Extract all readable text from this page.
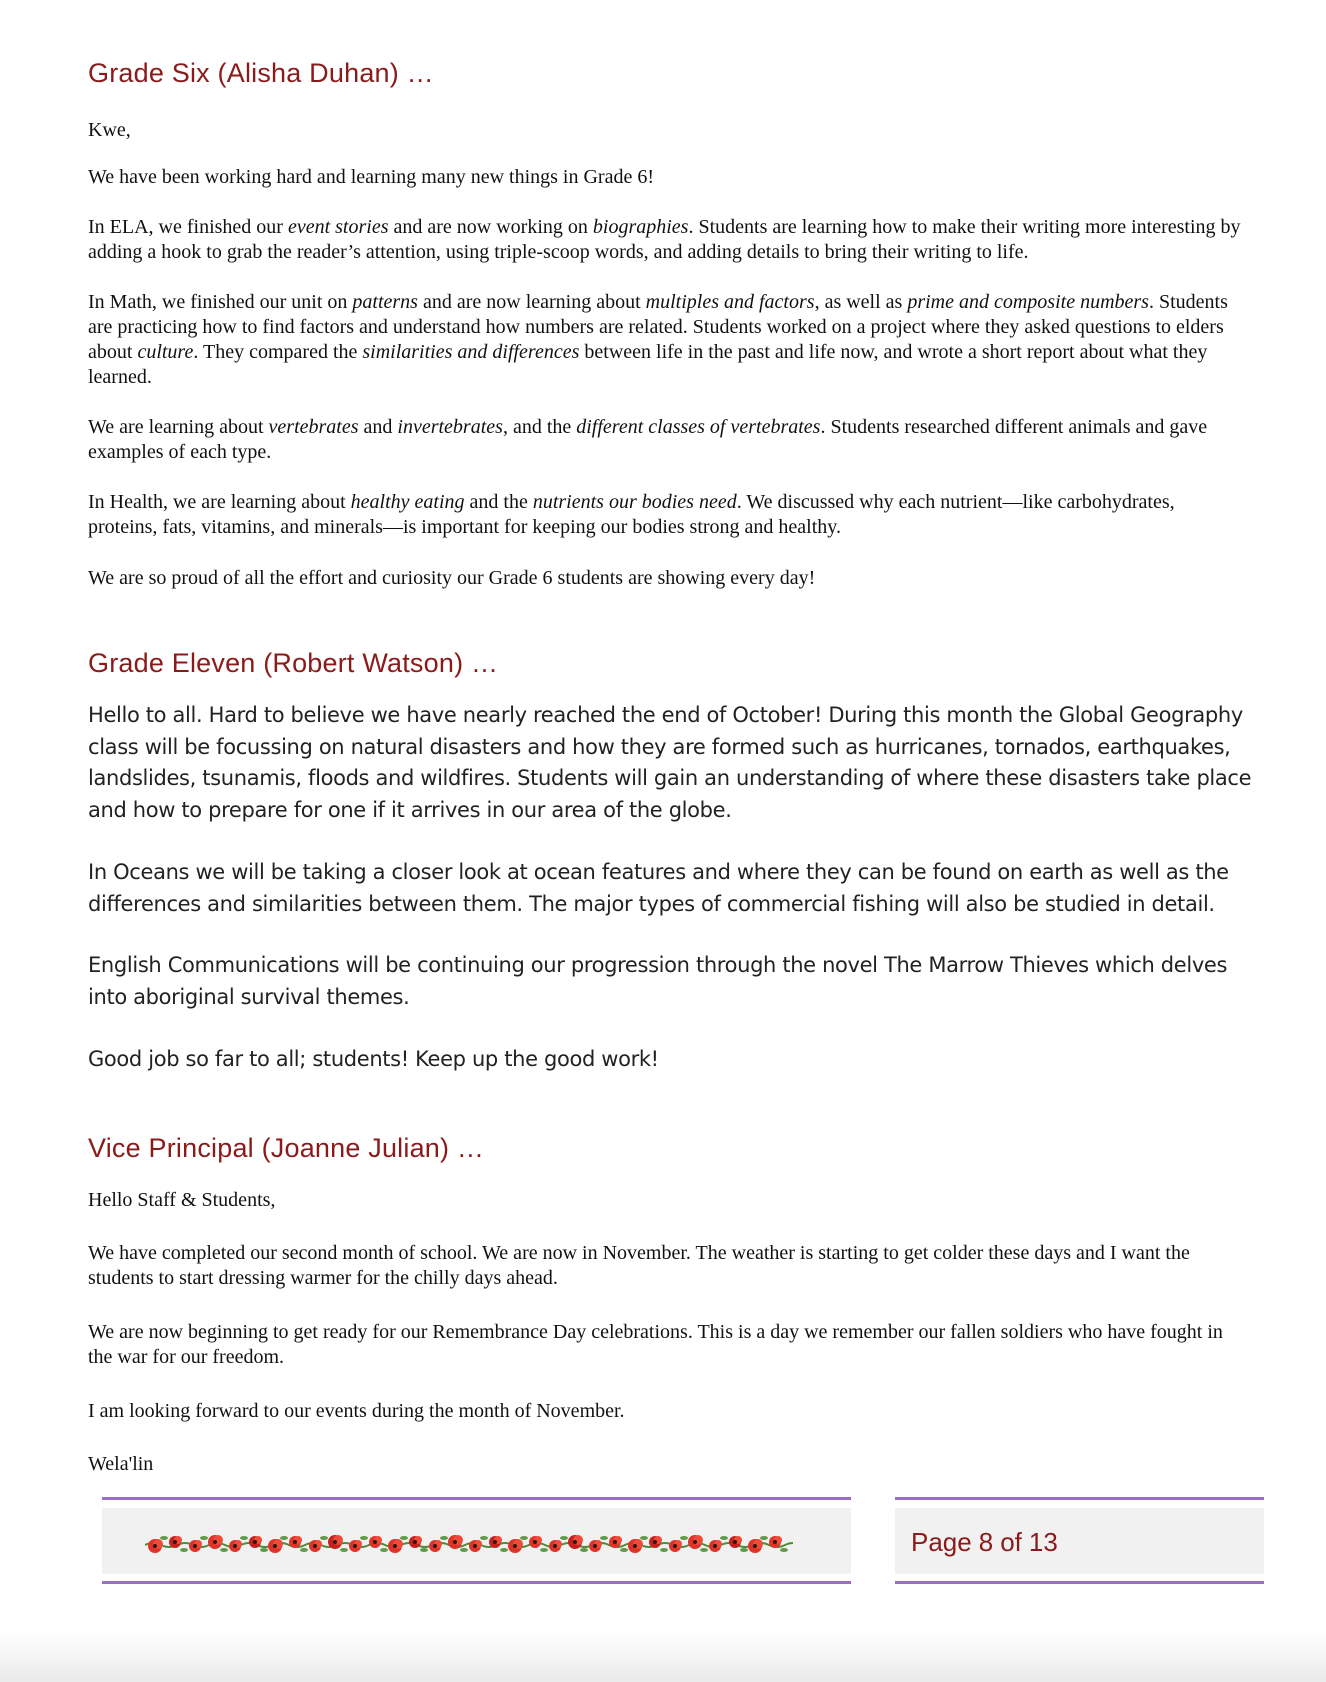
Grade Six (Alisha Duhan) …

Kwe,

We have been working hard and learning many new things in Grade 6!

In ELA, we finished our event stories and are now working on biographies. Students are learning how to make their writing more interesting by adding a hook to grab the reader’s attention, using triple-scoop words, and adding details to bring their writing to life.

In Math, we finished our unit on patterns and are now learning about multiples and factors, as well as prime and composite numbers. Students are practicing how to find factors and understand how numbers are related. Students worked on a project where they asked questions to elders about culture. They compared the similarities and differences between life in the past and life now, and wrote a short report about what they learned.

We are learning about vertebrates and invertebrates, and the different classes of vertebrates. Students researched different animals and gave examples of each type.

In Health, we are learning about healthy eating and the nutrients our bodies need. We discussed why each nutrient—like carbohydrates, proteins, fats, vitamins, and minerals—is important for keeping our bodies strong and healthy.

We are so proud of all the effort and curiosity our Grade 6 students are showing every day!

Grade Eleven (Robert Watson) …

Hello to all. Hard to believe we have nearly reached the end of October! During this month the Global Geography class will be focussing on natural disasters and how they are formed such as hurricanes, tornados, earthquakes, landslides, tsunamis, floods and wildfires. Students will gain an understanding of where these disasters take place and how to prepare for one if it arrives in our area of the globe.

In Oceans we will be taking a closer look at ocean features and where they can be found on earth as well as the differences and similarities between them. The major types of commercial fishing will also be studied in detail.

English Communications will be continuing our progression through the novel The Marrow Thieves which delves into aboriginal survival themes.

Good job so far to all; students! Keep up the good work!

Vice Principal (Joanne Julian) …

Hello Staff & Students,

We have completed our second month of school. We are now in November. The weather is starting to get colder these days and I want the students to start dressing warmer for the chilly days ahead.

We are now beginning to get ready for our Remembrance Day celebrations. This is a day we remember our fallen soldiers who have fought in the war for our freedom.

I am looking forward to our events during the month of November.

Wela'lin

Page 8 of 13
